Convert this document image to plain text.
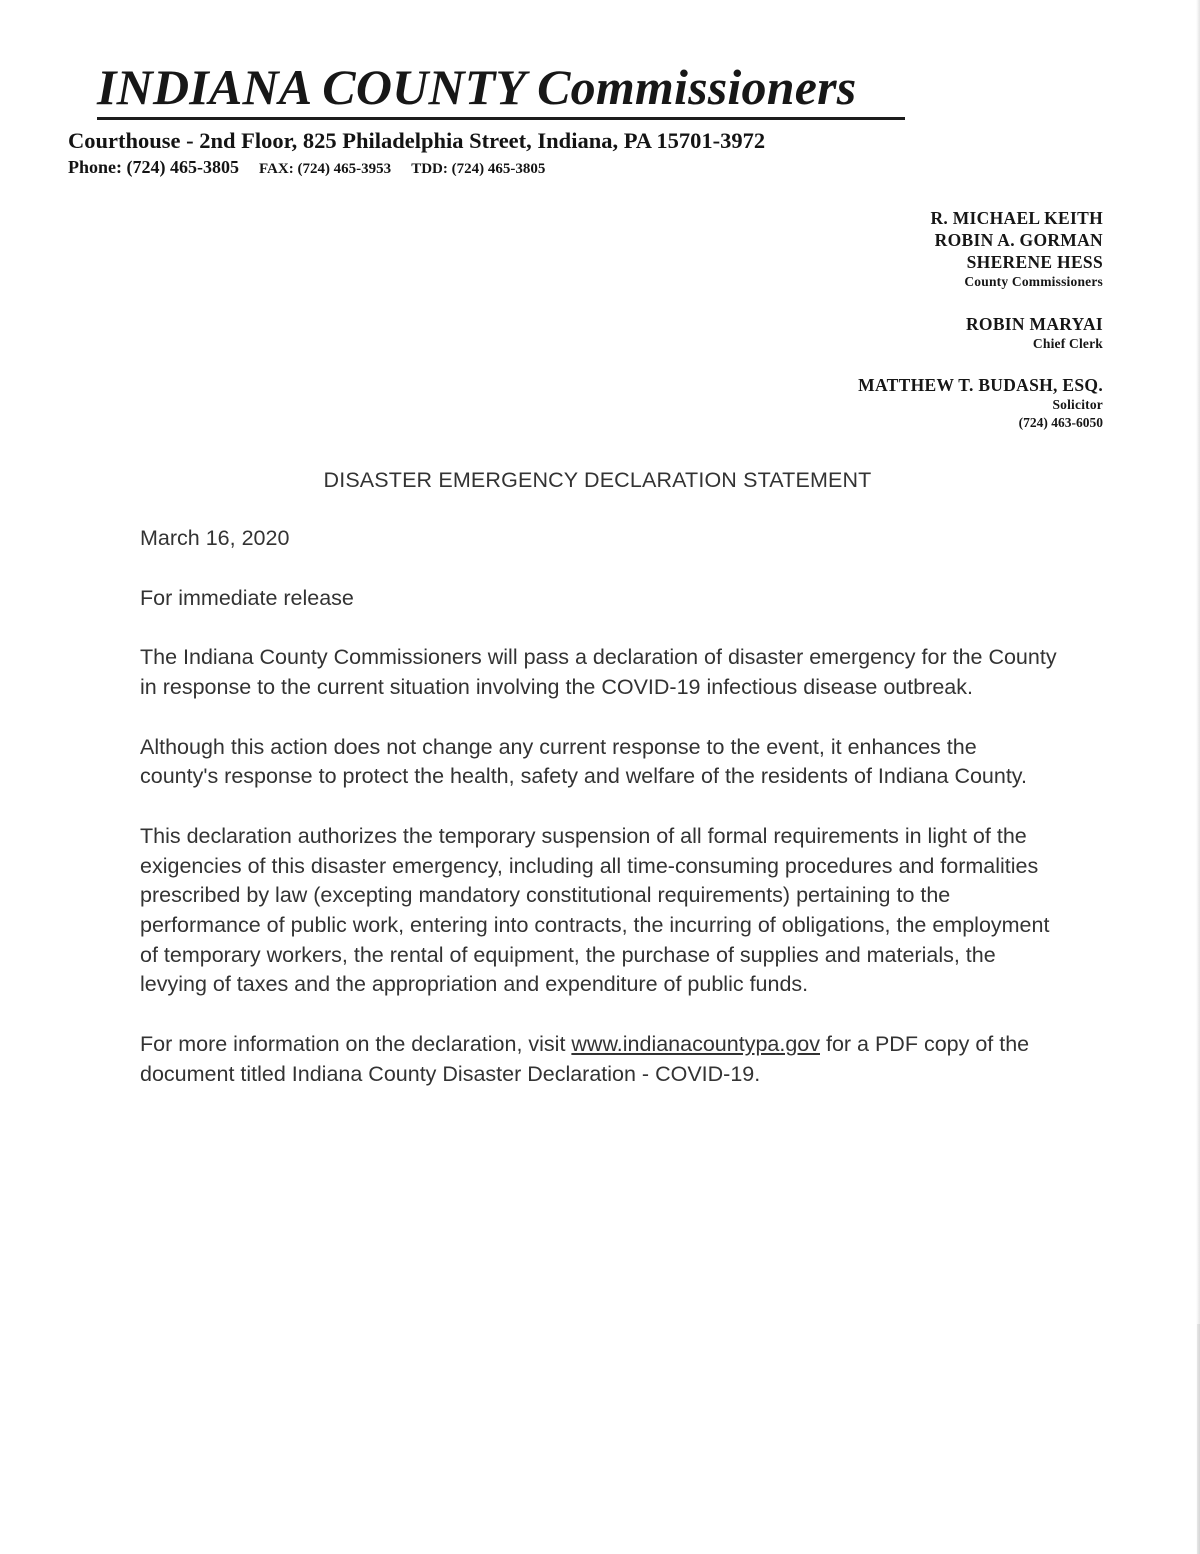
INDIANA COUNTY Commissioners
Courthouse - 2nd Floor, 825 Philadelphia Street, Indiana, PA 15701-3972
Phone: (724) 465-3805 FAX: (724) 465-3953 TDD: (724) 465-3805
R. MICHAEL KEITH
ROBIN A. GORMAN
SHERENE HESS
County Commissioners
ROBIN MARYAI
Chief Clerk
MATTHEW T. BUDASH, ESQ.
Solicitor
(724) 463-6050
DISASTER EMERGENCY DECLARATION STATEMENT

March 16, 2020

For immediate release

The Indiana County Commissioners will pass a declaration of disaster emergency for the County in response to the current situation involving the COVID-19 infectious disease outbreak.

Although this action does not change any current response to the event, it enhances the county's response to protect the health, safety and welfare of the residents of Indiana County.

This declaration authorizes the temporary suspension of all formal requirements in light of the exigencies of this disaster emergency, including all time-consuming procedures and formalities prescribed by law (excepting mandatory constitutional requirements) pertaining to the performance of public work, entering into contracts, the incurring of obligations, the employment of temporary workers, the rental of equipment, the purchase of supplies and materials, the levying of taxes and the appropriation and expenditure of public funds.

For more information on the declaration, visit www.indianacountypa.gov for a PDF copy of the document titled Indiana County Disaster Declaration - COVID-19.
